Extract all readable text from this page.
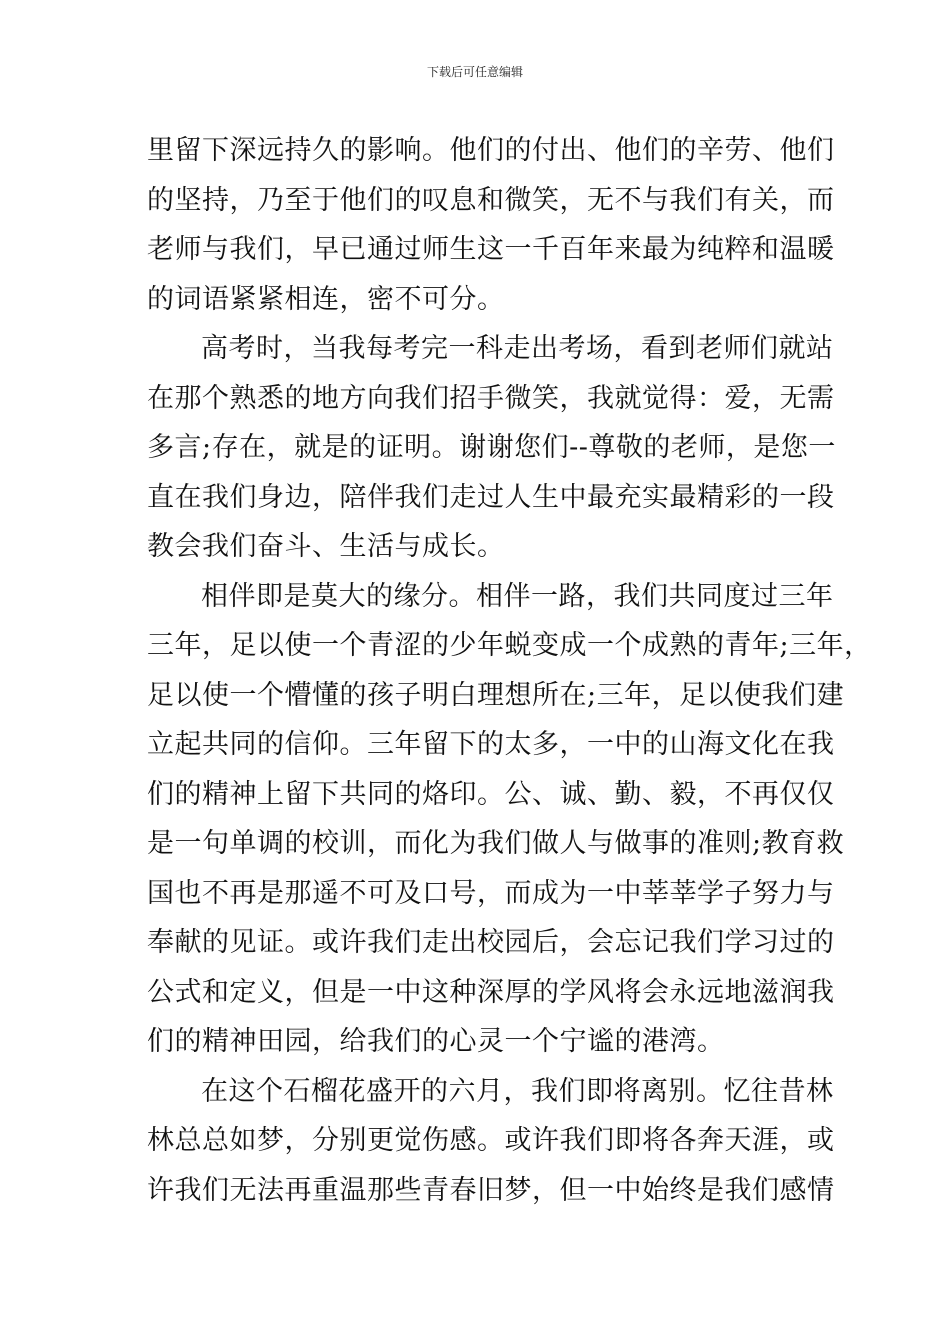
下载后可任意编辑
里留下深远持久的影响。他们的付出、他们的辛劳、他们
的坚持，乃至于他们的叹息和微笑，无不与我们有关，而
老师与我们，早已通过师生这一千百年来最为纯粹和温暖
的词语紧紧相连，密不可分。
高考时，当我每考完一科走出考场，看到老师们就站
在那个熟悉的地方向我们招手微笑，我就觉得：爱，无需
多言;存在，就是的证明。谢谢您们--尊敬的老师，是您一
直在我们身边，陪伴我们走过人生中最充实最精彩的一段
教会我们奋斗、生活与成长。
相伴即是莫大的缘分。相伴一路，我们共同度过三年
三年，足以使一个青涩的少年蜕变成一个成熟的青年;三年，
足以使一个懵懂的孩子明白理想所在;三年，足以使我们建
立起共同的信仰。三年留下的太多，一中的山海文化在我
们的精神上留下共同的烙印。公、诚、勤、毅，不再仅仅
是一句单调的校训，而化为我们做人与做事的准则;教育救
国也不再是那遥不可及口号，而成为一中莘莘学子努力与
奉献的见证。或许我们走出校园后，会忘记我们学习过的
公式和定义，但是一中这种深厚的学风将会永远地滋润我
们的精神田园，给我们的心灵一个宁谧的港湾。
在这个石榴花盛开的六月，我们即将离别。忆往昔林
林总总如梦，分别更觉伤感。或许我们即将各奔天涯，或
许我们无法再重温那些青春旧梦，但一中始终是我们感情
